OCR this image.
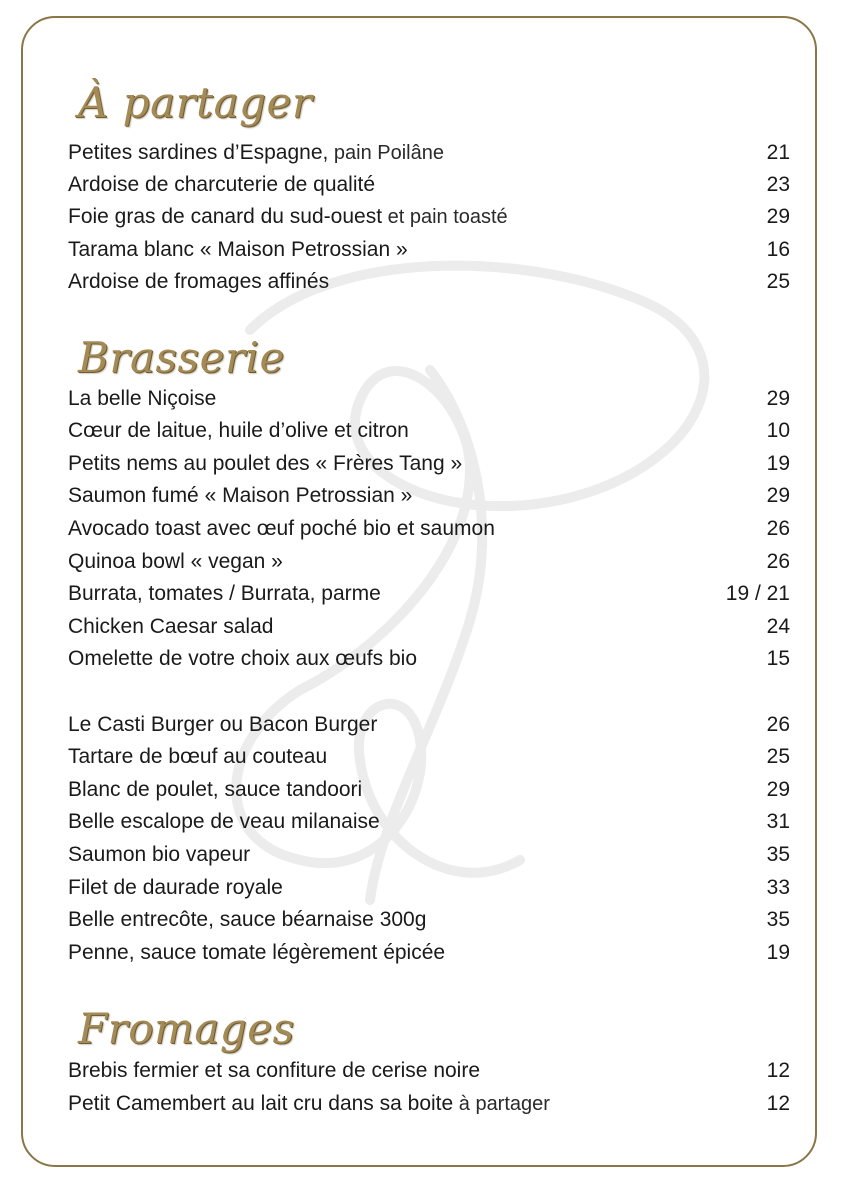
À partager
Petites sardines d’Espagne, pain Poilâne	21
Ardoise de charcuterie de qualité	23
Foie gras de canard du sud-ouest et pain toasté	29
Tarama blanc « Maison Petrossian »	16
Ardoise de fromages affinés	25
Brasserie
La belle Niçoise	29
Cœur de laitue, huile d’olive et citron	10
Petits nems au poulet des « Frères Tang »	19
Saumon fumé « Maison Petrossian »	29
Avocado toast avec œuf poché bio et saumon	26
Quinoa bowl « vegan »	26
Burrata, tomates / Burrata, parme	19 / 21
Chicken Caesar salad	24
Omelette de votre choix aux œufs bio	15
Le Casti Burger ou Bacon Burger	26
Tartare de bœuf au couteau	25
Blanc de poulet, sauce tandoori	29
Belle escalope de veau milanaise	31
Saumon bio vapeur	35
Filet de daurade royale	33
Belle entrecôte, sauce béarnaise 300g	35
Penne, sauce tomate légèrement épicée	19
Fromages
Brebis fermier et sa confiture de cerise noire	12
Petit Camembert au lait cru dans sa boite à partager	12
